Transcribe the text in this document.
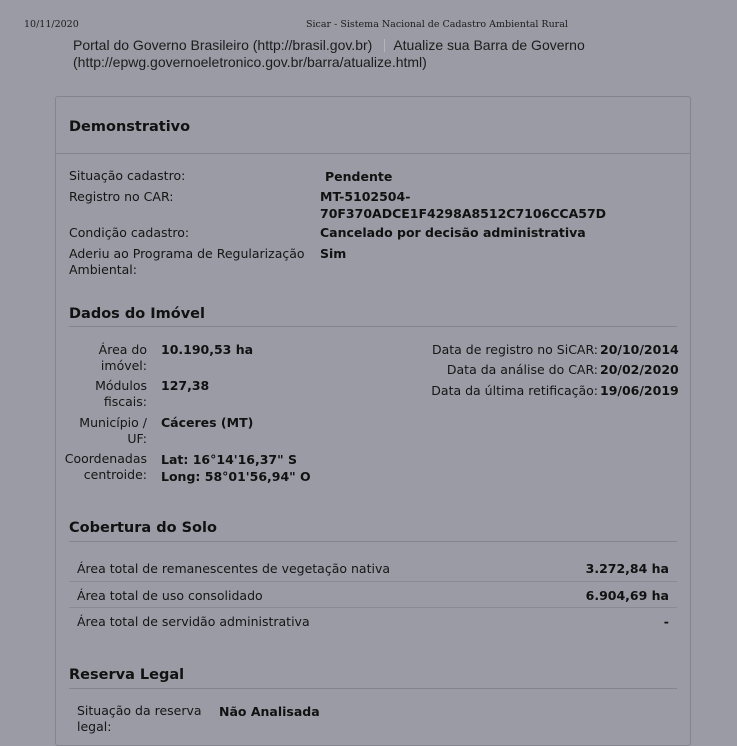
10/11/2020	Sicar - Sistema Nacional de Cadastro Ambiental Rural
Portal do Governo Brasileiro (http://brasil.gov.br) Atualize sua Barra de Governo
(http://epwg.governoeletronico.gov.br/barra/atualize.html)
Demonstrativo
Situação cadastro:	Pendente
Registro no CAR:	MT-5102504-
70F370ADCE1F4298A8512C7106CCA57D
Condição cadastro:	Cancelado por decisão administrativa
Aderiu ao Programa de Regularização
Ambiental:
Sim
Dados do Imóvel
Área do
imóvel:
10.190,53 ha
Módulos
fiscais:
127,38
Município /
UF:
Cáceres (MT)
Coordenadas
centroide:
Lat: 16°14'16,37" S
Long: 58°01'56,94" O
Data de registro no SiCAR: 20/10/2014
Data da análise do CAR: 20/02/2020
Data da última retificação: 19/06/2019
Cobertura do Solo
Área total de remanescentes de vegetação nativa	3.272,84 ha
Área total de uso consolidado	6.904,69 ha
Área total de servidão administrativa	-
Reserva Legal
Situação da reserva
legal:
Não Analisada
